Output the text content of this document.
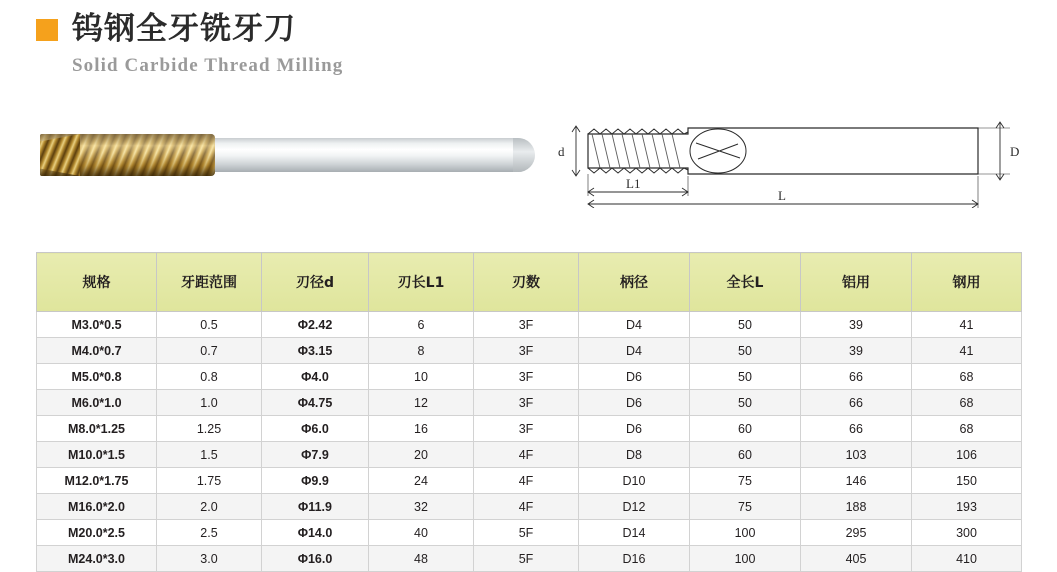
钨钢全牙铣牙刀
Solid Carbide Thread Milling
d	D
L1
L
规格	牙距范围	刃径d	刃长L1	刃数	柄径	全长L	铝用	钢用
M3.0*0.5	0.5	Φ2.42	6	3F	D4	50	39	41
M4.0*0.7	0.7	Φ3.15	8	3F	D4	50	39	41
M5.0*0.8	0.8	Φ4.0	10	3F	D6	50	66	68
M6.0*1.0	1.0	Φ4.75	12	3F	D6	50	66	68
M8.0*1.25	1.25	Φ6.0	16	3F	D6	60	66	68
M10.0*1.5	1.5	Φ7.9	20	4F	D8	60	103	106
M12.0*1.75	1.75	Φ9.9	24	4F	D10	75	146	150
M16.0*2.0	2.0	Φ11.9	32	4F	D12	75	188	193
M20.0*2.5	2.5	Φ14.0	40	5F	D14	100	295	300
M24.0*3.0	3.0	Φ16.0	48	5F	D16	100	405	410
